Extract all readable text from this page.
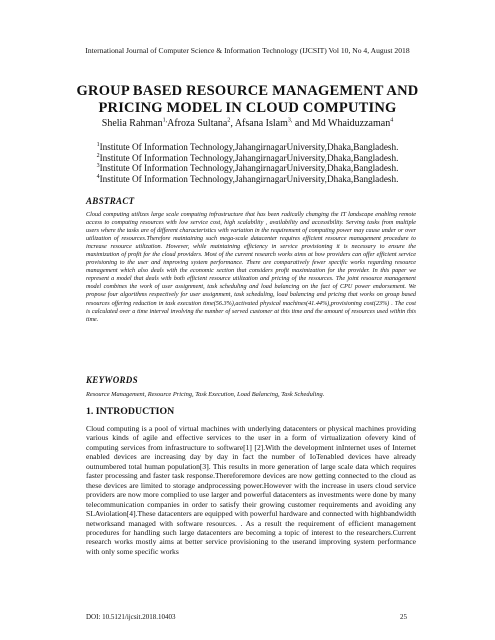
International Journal of Computer Science & Information Technology (IJCSIT) Vol 10, No 4, August 2018
GROUP BASED RESOURCE MANAGEMENT AND
PRICING MODEL IN CLOUD COMPUTING
Shelia Rahman$^{1,}$Afroza Sultana$^2$, Afsana Islam$^{3,}$ and Md Whaiduzzaman$^4$
$^1$Institute Of Information Technology,JahangirnagarUniversity,Dhaka,Bangladesh.
$^2$Institute Of Information Technology,JahangirnagarUniversity,Dhaka,Bangladesh.
$^3$Institute Of Information Technology,JahangirnagarUniversity,Dhaka,Bangladesh.
$^4$Institute Of Information Technology,JahangirnagarUniversity,Dhaka,Bangladesh.
ABSTRACT
Cloud computing utilizes large scale computing infrastructure that has been radically changing the IT landscape enabling remote access to computing resources with low service cost, high scalability , availability and accessibility. Serving tasks from multiple users where the tasks are of different characteristics with variation in the requirement of computing power may cause under or over utilization of resources.Therefore maintaining such mega-scale datacenter requires efficient resource management procedure to increase resource utilization. However, while maintaining efficiency in service provisioning it is necessary to ensure the maximization of profit for the cloud providers. Most of the current research works aims at how providers can offer efficient service provisioning to the user and improving system performance. There are comparatively fewer specific works regarding resource management which also deals with the economic section that considers profit maximization for the provider. In this paper we represent a model that deals with both efficient resource utilization and pricing of the resources. The joint resource management model combines the work of user assignment, task scheduling and load balancing on the fact of CPU power endorsement. We propose four algorithms respectively for user assignment, task scheduling, load balancing and pricing that works on group based resources offering reduction in task execution time(56.3%),activated physical machines(41.44%),provisioning cost(23%) . The cost is calculated over a time interval involving the number of served customer at this time and the amount of resources used within this time.
KEYWORDS
Resource Management, Resource Pricing, Task Execution, Load Balancing, Task Scheduling.
1. INTRODUCTION
Cloud computing is a pool of virtual machines with underlying datacenters or physical machines providing various kinds of agile and effective services to the user in a form of virtualization ofevery kind of computing services from infrastructure to software[1] [2].With the development inInternet uses of Internet enabled devices are increasing day by day in fact the number of IoTenabled devices have already outnumbered total human population[3]. This results in more generation of large scale data which requires faster processing and faster task response.Thereforemore devices are now getting connected to the cloud as these devices are limited to storage andprocessing power.However with the increase in users cloud service providers are now more complied to use larger and powerful datacenters as investments were done by many telecommunication companies in order to satisfy their growing customer requirements and avoiding any SLAviolation[4].These datacenters are equipped with powerful hardware and connected with highbandwidth networksand managed with software resources. . As a result the requirement of efficient management procedures for handling such large datacenters are becoming a topic of interest to the researchers.Current research works mostly aims at better service provisioning to the userand improving system performance with only some specific works
DOI: 10.5121/ijcsit.2018.10403	25
